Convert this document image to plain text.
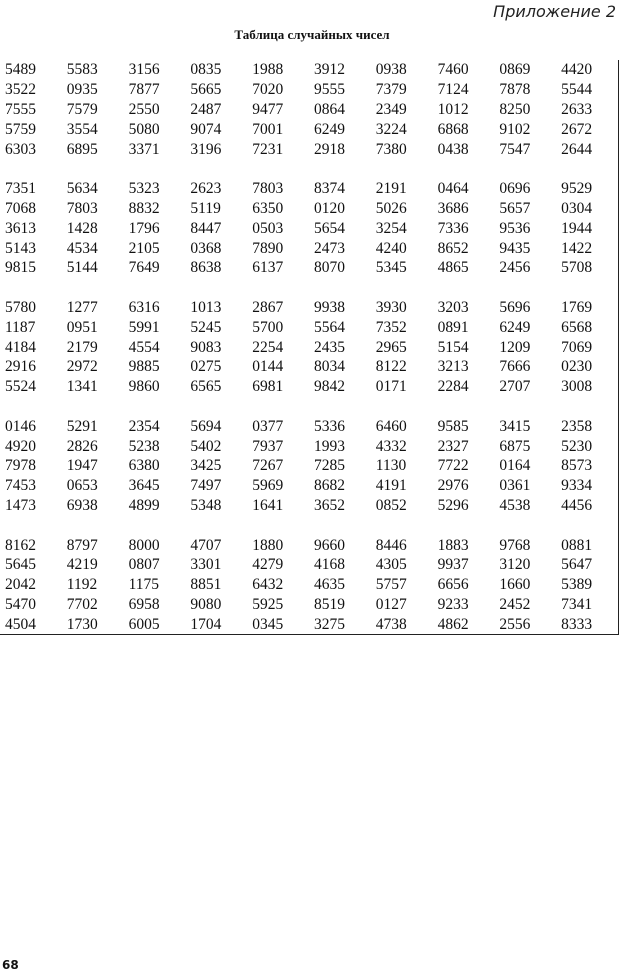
Приложение 2

Таблица случайных чисел
5489	5583	3156	0835	1988	3912	0938	7460	0869	4420
3522	0935	7877	5665	7020	9555	7379	7124	7878	5544
7555	7579	2550	2487	9477	0864	2349	1012	8250	2633
5759	3554	5080	9074	7001	6249	3224	6868	9102	2672
6303	6895	3371	3196	7231	2918	7380	0438	7547	2644

7351	5634	5323	2623	7803	8374	2191	0464	0696	9529
7068	7803	8832	5119	6350	0120	5026	3686	5657	0304
3613	1428	1796	8447	0503	5654	3254	7336	9536	1944
5143	4534	2105	0368	7890	2473	4240	8652	9435	1422
9815	5144	7649	8638	6137	8070	5345	4865	2456	5708

5780	1277	6316	1013	2867	9938	3930	3203	5696	1769
1187	0951	5991	5245	5700	5564	7352	0891	6249	6568
4184	2179	4554	9083	2254	2435	2965	5154	1209	7069
2916	2972	9885	0275	0144	8034	8122	3213	7666	0230
5524	1341	9860	6565	6981	9842	0171	2284	2707	3008

0146	5291	2354	5694	0377	5336	6460	9585	3415	2358
4920	2826	5238	5402	7937	1993	4332	2327	6875	5230
7978	1947	6380	3425	7267	7285	1130	7722	0164	8573
7453	0653	3645	7497	5969	8682	4191	2976	0361	9334
1473	6938	4899	5348	1641	3652	0852	5296	4538	4456

8162	8797	8000	4707	1880	9660	8446	1883	9768	0881
5645	4219	0807	3301	4279	4168	4305	9937	3120	5647
2042	1192	1175	8851	6432	4635	5757	6656	1660	5389
5470	7702	6958	9080	5925	8519	0127	9233	2452	7341
4504	1730	6005	1704	0345	3275	4738	4862	2556	8333

68
